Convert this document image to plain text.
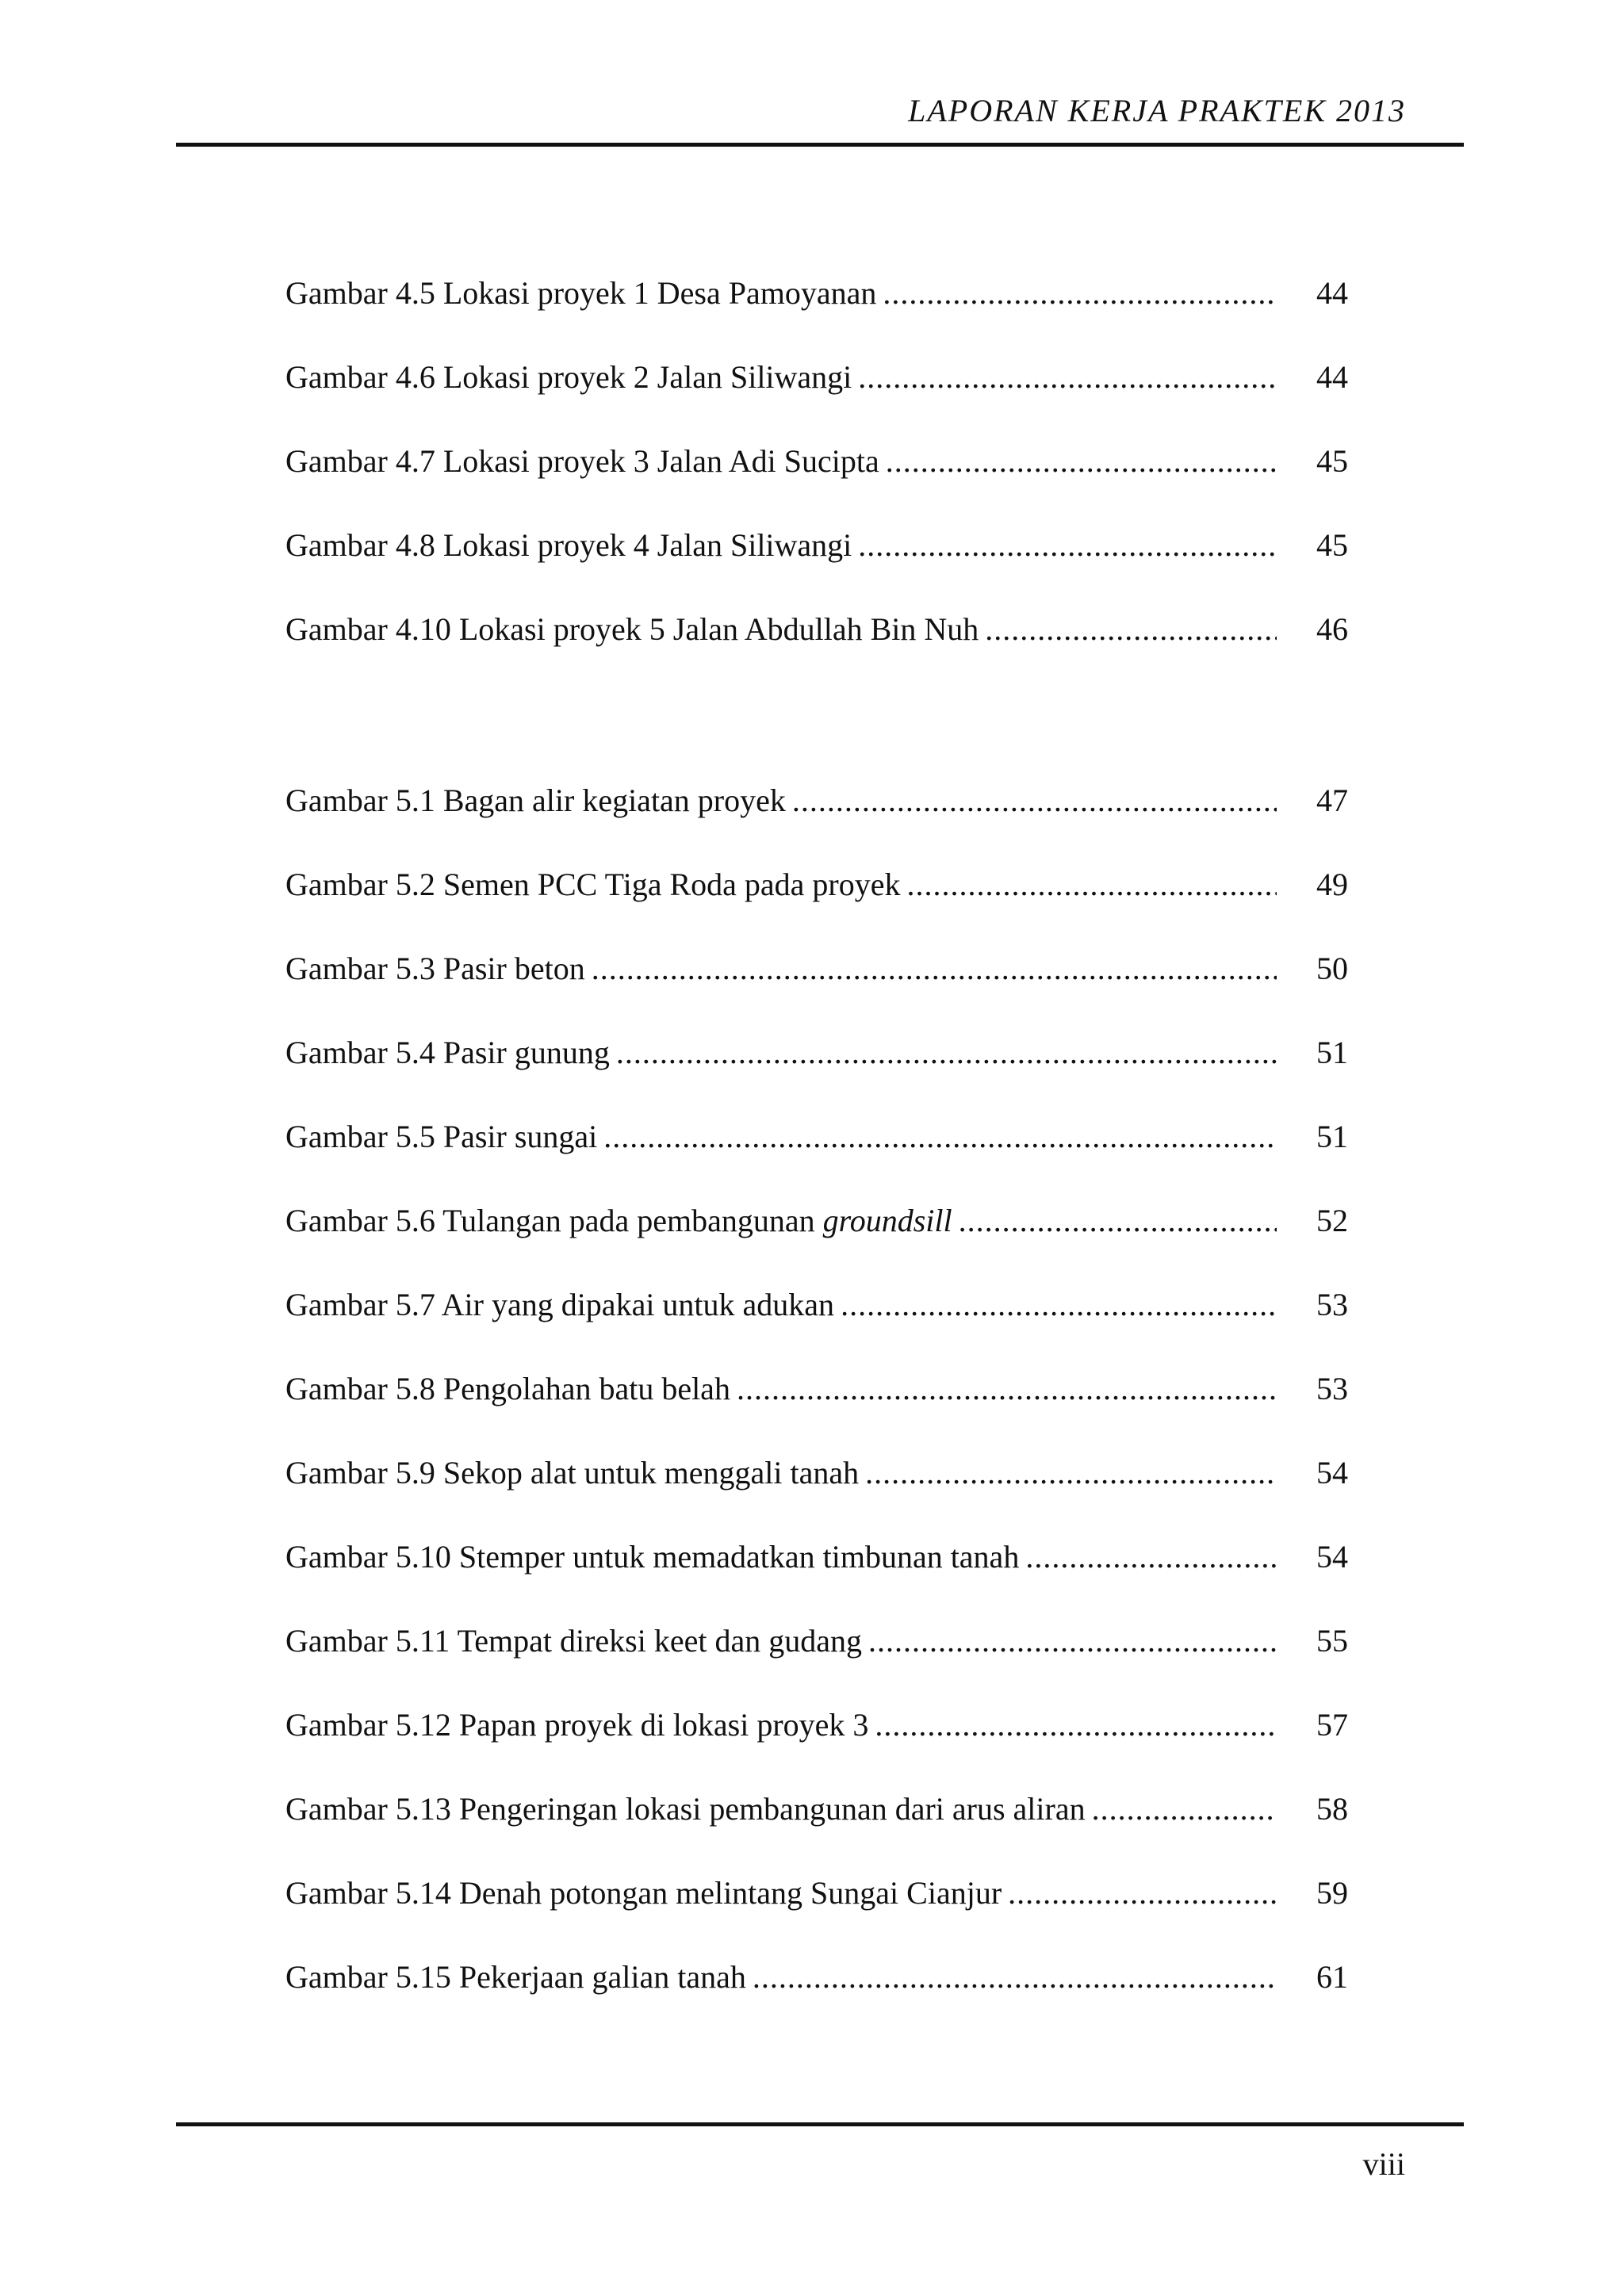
LAPORAN KERJA PRAKTEK 2013
Gambar 4.5 Lokasi proyek 1 Desa Pamoyanan .....	44
Gambar 4.6 Lokasi proyek 2 Jalan Siliwangi .....	44
Gambar 4.7 Lokasi proyek 3 Jalan Adi Sucipta .....	45
Gambar 4.8 Lokasi proyek 4 Jalan Siliwangi .....	45
Gambar 4.10 Lokasi proyek 5 Jalan Abdullah Bin Nuh .....	46
Gambar 5.1 Bagan alir kegiatan proyek .....	47
Gambar 5.2 Semen PCC Tiga Roda pada proyek .....	49
Gambar 5.3 Pasir beton .....	50
Gambar 5.4 Pasir gunung .....	51
Gambar 5.5 Pasir sungai .....	51
Gambar 5.6 Tulangan pada pembangunan groundsill .....	52
Gambar 5.7 Air yang dipakai untuk adukan .....	53
Gambar 5.8 Pengolahan batu belah .....	53
Gambar 5.9 Sekop alat untuk menggali tanah .....	54
Gambar 5.10 Stemper untuk memadatkan timbunan tanah .....	54
Gambar 5.11 Tempat direksi keet dan gudang .....	55
Gambar 5.12 Papan proyek di lokasi proyek 3 .....	57
Gambar 5.13 Pengeringan lokasi pembangunan dari arus aliran .....	58
Gambar 5.14 Denah potongan melintang Sungai Cianjur .....	59
Gambar 5.15 Pekerjaan galian tanah .....	61
viii
